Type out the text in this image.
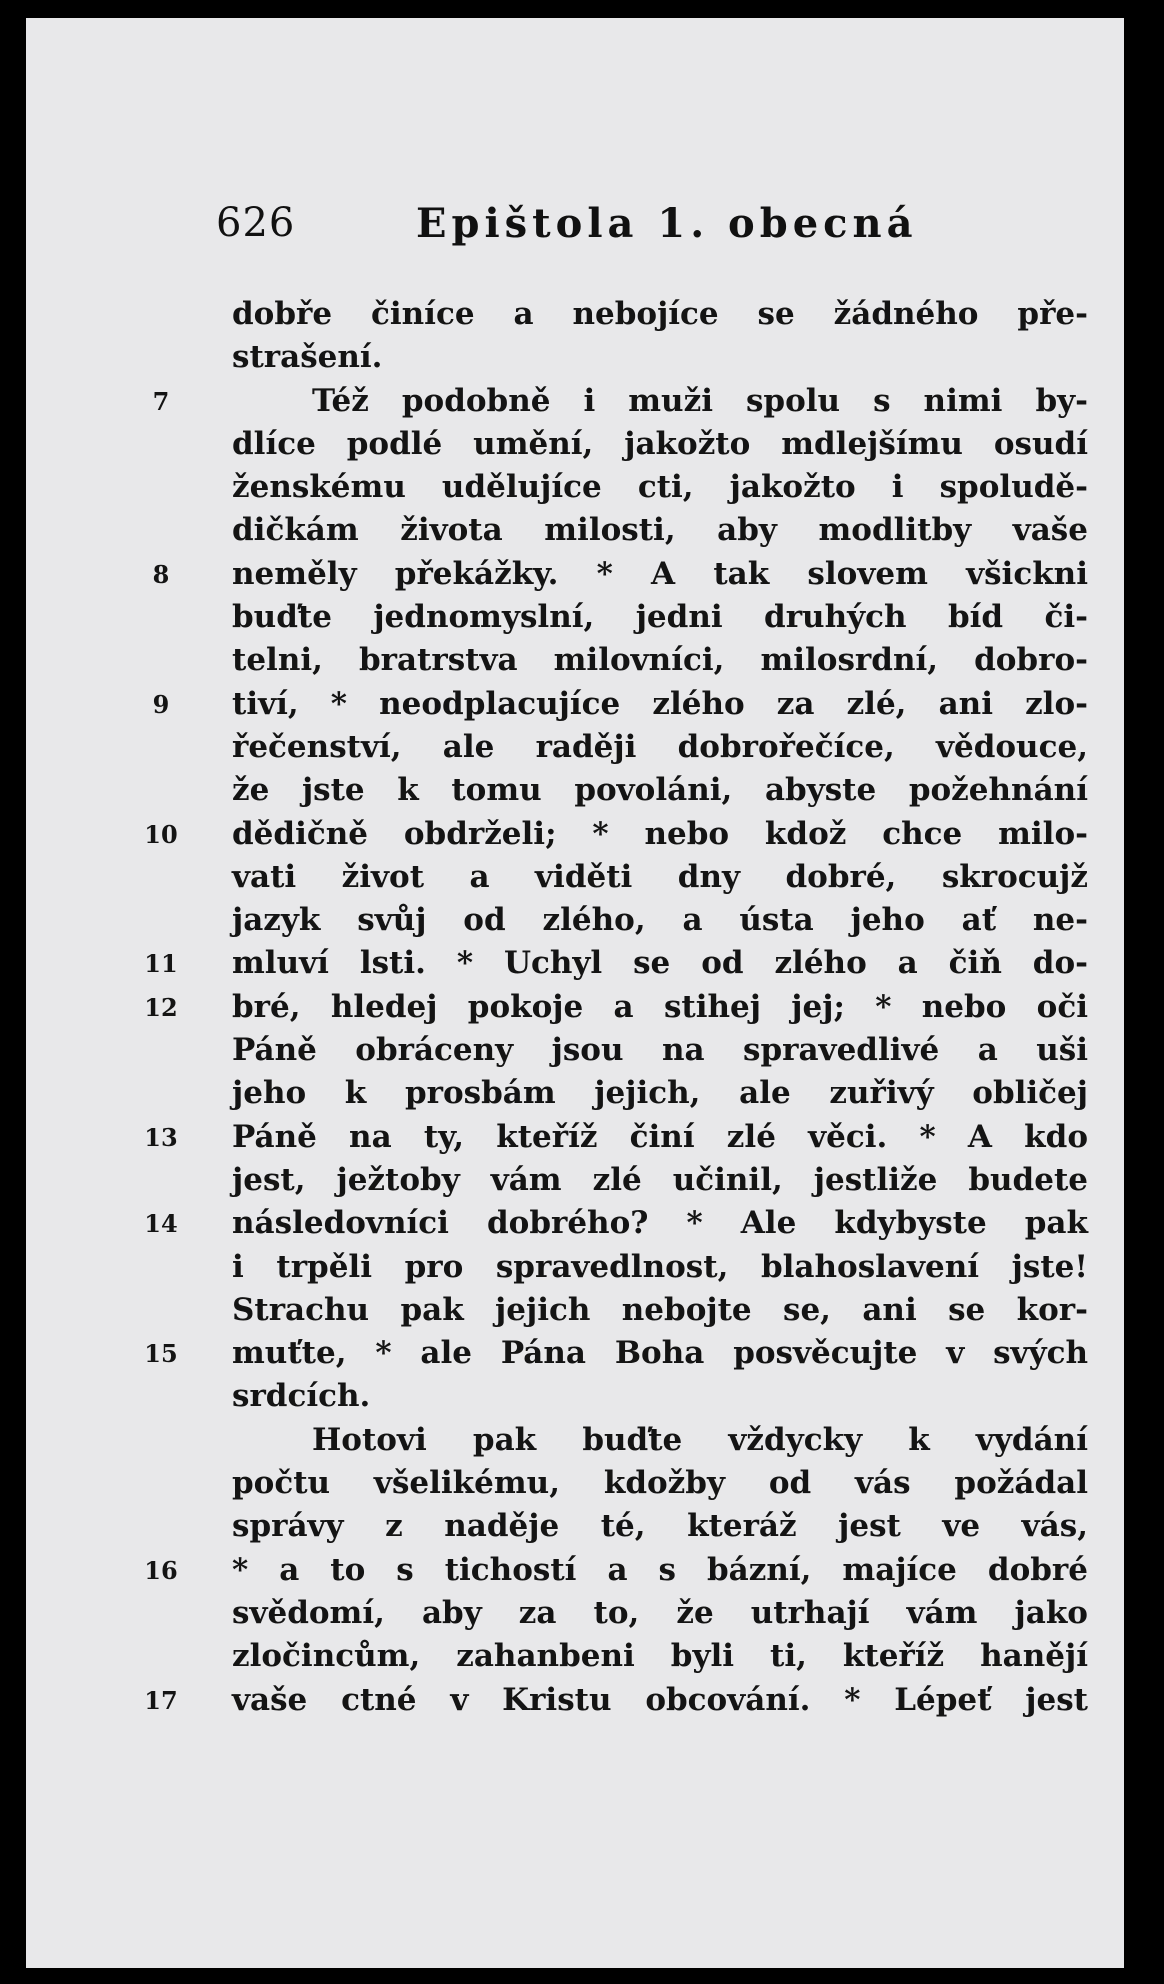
626	Epištola 1. obecná
dobře činíce a nebojíce se žádného pře-
strašení.
7	Též podobně i muži spolu s nimi by-
dlíce podlé umění, jakožto mdlejšímu osudí
ženskému udělujíce cti, jakožto i spoludě-
dičkám života milosti, aby modlitby vaše
8	neměly překážky. * A tak slovem všickni
buďte jednomyslní, jedni druhých bíd či-
telni, bratrstva milovníci, milosrdní, dobro-
9	tiví, * neodplacujíce zlého za zlé, ani zlo-
řečenství, ale raději dobrořečíce, vědouce,
že jste k tomu povoláni, abyste požehnání
10 dědičně obdrželi; * nebo kdož chce milo-
vati život a viděti dny dobré, skrocujž
jazyk svůj od zlého, a ústa jeho ať ne-
11 mluví lsti. * Uchyl se od zlého a čiň do-
12 bré, hledej pokoje a stihej jej; * nebo oči
Páně obráceny jsou na spravedlivé a uši
jeho k prosbám jejich, ale zuřivý obličej
13 Páně na ty, kteříž činí zlé věci. * A kdo
jest, ježtoby vám zlé učinil, jestliže budete
14 následovníci dobrého? * Ale kdybyste pak
i trpěli pro spravedlnost, blahoslavení jste!
Strachu pak jejich nebojte se, ani se kor-
15 muťte, * ale Pána Boha posvěcujte v svých
srdcích.
Hotovi pak buďte vždycky k vydání
počtu všelikému, kdožby od vás požádal
správy z naděje té, kteráž jest ve vás,
16 * a to s tichostí a s bázní, majíce dobré
svědomí, aby za to, že utrhají vám jako
zločincům, zahanbeni byli ti, kteříž hanějí
17 vaše ctné v Kristu obcování. * Lépeť jest
